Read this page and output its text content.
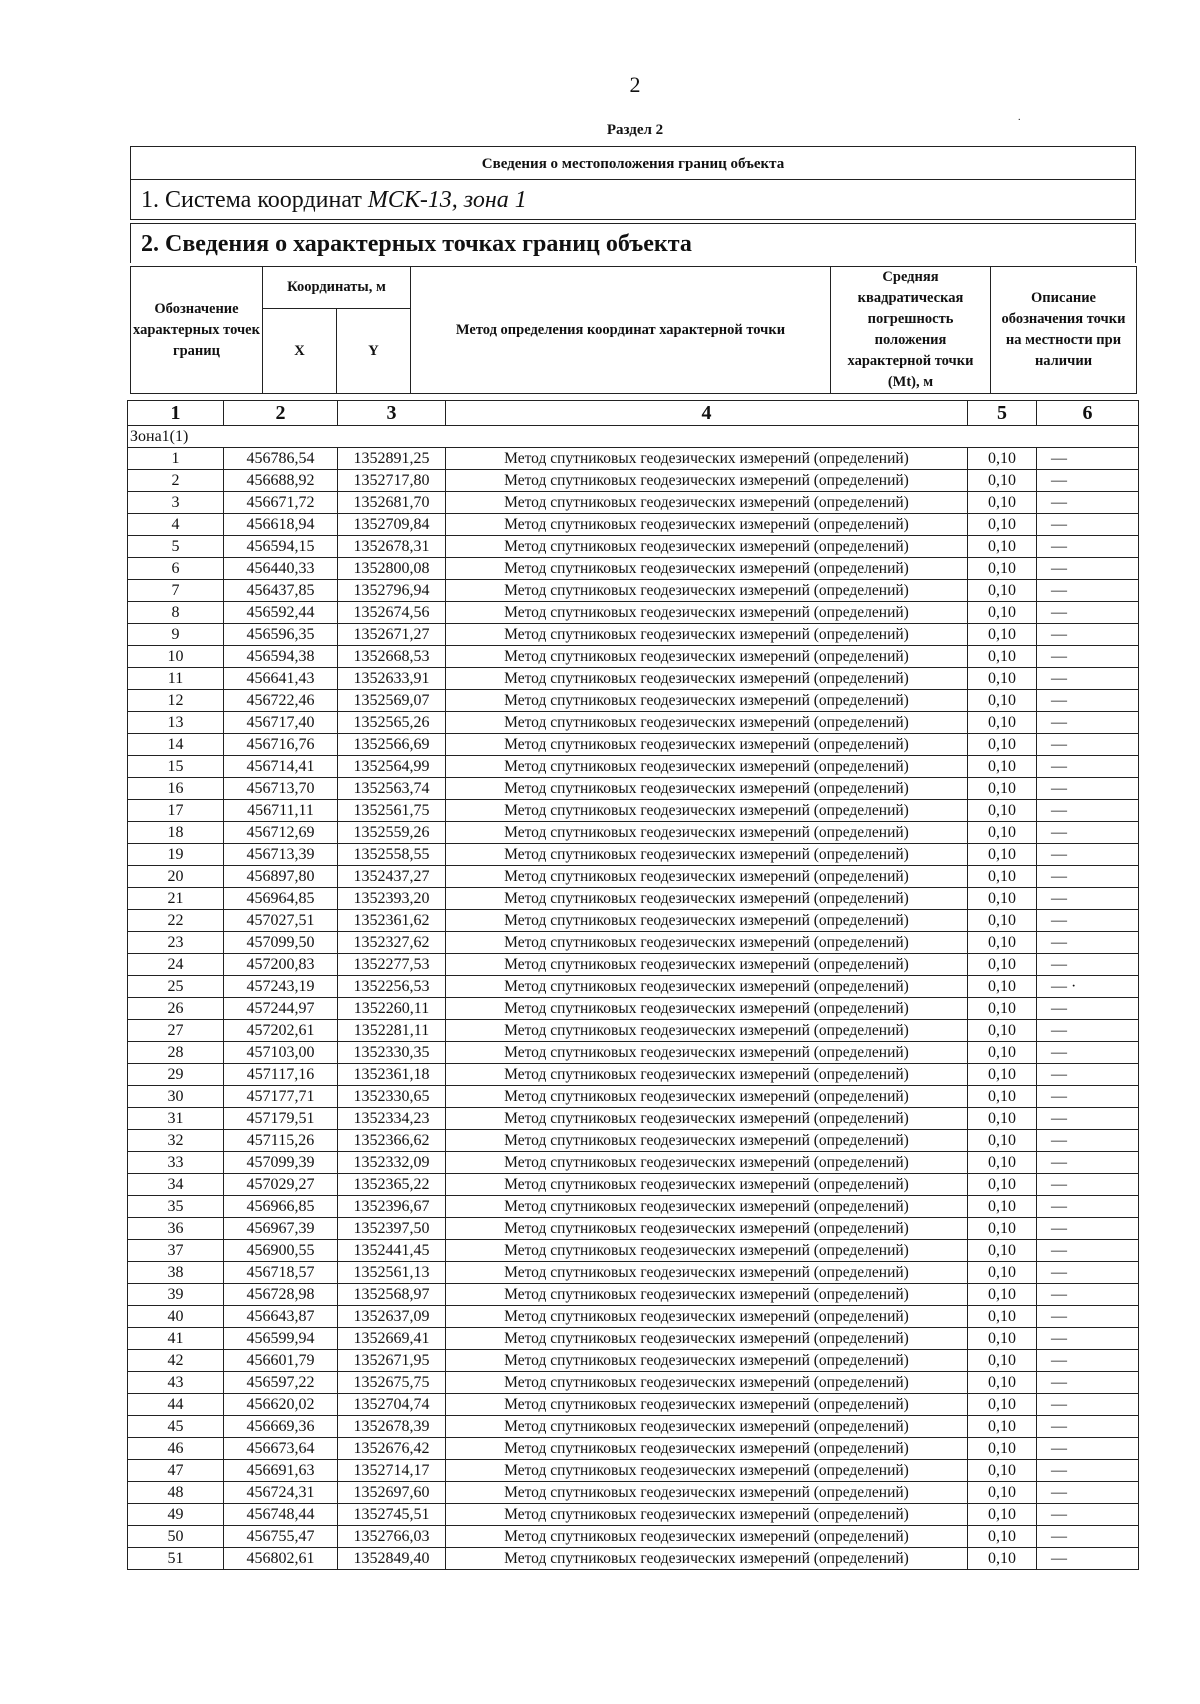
2
.
Раздел 2
Сведения о местоположения границ объекта
1. Система координат МСК-13, зона 1
2. Сведения о характерных точках границ объекта
Обозначение характерных точек границ	Координаты, м		Метод определения координат характерной точки	Средняя квадратическая погрешность положения характерной точки (Mt), м	Описание обозначения точки на местности при наличии
	X	Y			
1	2	3	4	5	6
Зона1(1)					
1	456786,54	1352891,25	Метод спутниковых геодезических измерений (определений)	0,10	—
2	456688,92	1352717,80	Метод спутниковых геодезических измерений (определений)	0,10	—
3	456671,72	1352681,70	Метод спутниковых геодезических измерений (определений)	0,10	—
4	456618,94	1352709,84	Метод спутниковых геодезических измерений (определений)	0,10	—
5	456594,15	1352678,31	Метод спутниковых геодезических измерений (определений)	0,10	—
6	456440,33	1352800,08	Метод спутниковых геодезических измерений (определений)	0,10	—
7	456437,85	1352796,94	Метод спутниковых геодезических измерений (определений)	0,10	—
8	456592,44	1352674,56	Метод спутниковых геодезических измерений (определений)	0,10	—
9	456596,35	1352671,27	Метод спутниковых геодезических измерений (определений)	0,10	—
10	456594,38	1352668,53	Метод спутниковых геодезических измерений (определений)	0,10	—
11	456641,43	1352633,91	Метод спутниковых геодезических измерений (определений)	0,10	—
12	456722,46	1352569,07	Метод спутниковых геодезических измерений (определений)	0,10	—
13	456717,40	1352565,26	Метод спутниковых геодезических измерений (определений)	0,10	—
14	456716,76	1352566,69	Метод спутниковых геодезических измерений (определений)	0,10	—
15	456714,41	1352564,99	Метод спутниковых геодезических измерений (определений)	0,10	—
16	456713,70	1352563,74	Метод спутниковых геодезических измерений (определений)	0,10	—
17	456711,11	1352561,75	Метод спутниковых геодезических измерений (определений)	0,10	—
18	456712,69	1352559,26	Метод спутниковых геодезических измерений (определений)	0,10	—
19	456713,39	1352558,55	Метод спутниковых геодезических измерений (определений)	0,10	—
20	456897,80	1352437,27	Метод спутниковых геодезических измерений (определений)	0,10	—
21	456964,85	1352393,20	Метод спутниковых геодезических измерений (определений)	0,10	—
22	457027,51	1352361,62	Метод спутниковых геодезических измерений (определений)	0,10	—
23	457099,50	1352327,62	Метод спутниковых геодезических измерений (определений)	0,10	—
24	457200,83	1352277,53	Метод спутниковых геодезических измерений (определений)	0,10	—
25	457243,19	1352256,53	Метод спутниковых геодезических измерений (определений)	0,10	— ·
26	457244,97	1352260,11	Метод спутниковых геодезических измерений (определений)	0,10	—
27	457202,61	1352281,11	Метод спутниковых геодезических измерений (определений)	0,10	—
28	457103,00	1352330,35	Метод спутниковых геодезических измерений (определений)	0,10	—
29	457117,16	1352361,18	Метод спутниковых геодезических измерений (определений)	0,10	—
30	457177,71	1352330,65	Метод спутниковых геодезических измерений (определений)	0,10	—
31	457179,51	1352334,23	Метод спутниковых геодезических измерений (определений)	0,10	—
32	457115,26	1352366,62	Метод спутниковых геодезических измерений (определений)	0,10	—
33	457099,39	1352332,09	Метод спутниковых геодезических измерений (определений)	0,10	—
34	457029,27	1352365,22	Метод спутниковых геодезических измерений (определений)	0,10	—
35	456966,85	1352396,67	Метод спутниковых геодезических измерений (определений)	0,10	—
36	456967,39	1352397,50	Метод спутниковых геодезических измерений (определений)	0,10	—
37	456900,55	1352441,45	Метод спутниковых геодезических измерений (определений)	0,10	—
38	456718,57	1352561,13	Метод спутниковых геодезических измерений (определений)	0,10	—
39	456728,98	1352568,97	Метод спутниковых геодезических измерений (определений)	0,10	—
40	456643,87	1352637,09	Метод спутниковых геодезических измерений (определений)	0,10	—
41	456599,94	1352669,41	Метод спутниковых геодезических измерений (определений)	0,10	—
42	456601,79	1352671,95	Метод спутниковых геодезических измерений (определений)	0,10	—
43	456597,22	1352675,75	Метод спутниковых геодезических измерений (определений)	0,10	—
44	456620,02	1352704,74	Метод спутниковых геодезических измерений (определений)	0,10	—
45	456669,36	1352678,39	Метод спутниковых геодезических измерений (определений)	0,10	—
46	456673,64	1352676,42	Метод спутниковых геодезических измерений (определений)	0,10	—
47	456691,63	1352714,17	Метод спутниковых геодезических измерений (определений)	0,10	—
48	456724,31	1352697,60	Метод спутниковых геодезических измерений (определений)	0,10	—
49	456748,44	1352745,51	Метод спутниковых геодезических измерений (определений)	0,10	—
50	456755,47	1352766,03	Метод спутниковых геодезических измерений (определений)	0,10	—
51	456802,61	1352849,40	Метод спутниковых геодезических измерений (определений)	0,10	—
